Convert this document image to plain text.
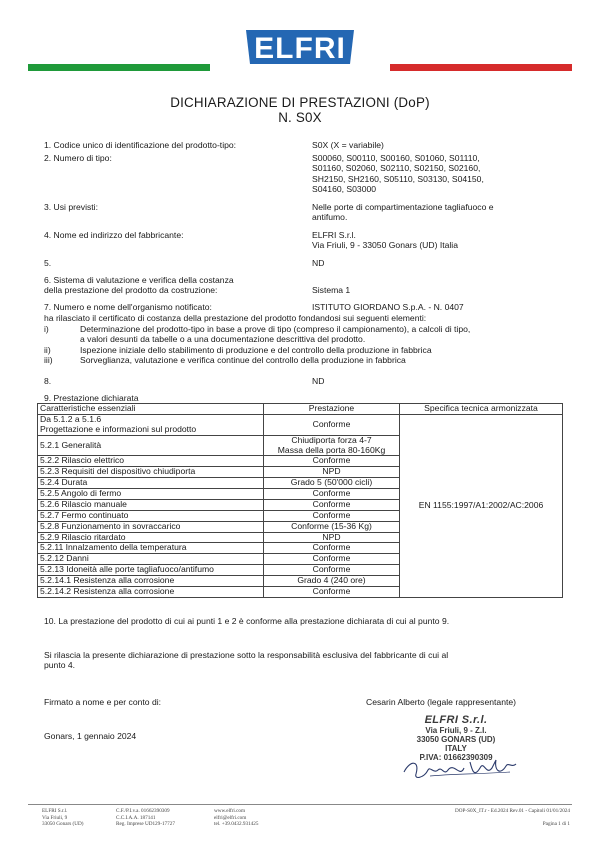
ELFRI
DICHIARAZIONE DI PRESTAZIONI (DoP)
N. S0X
1. Codice unico di identificazione del prodotto-tipo:	S0X (X = variabile)
2. Numero di tipo:	S00060, S00110, S00160, S01060, S01110,
S01160, S02060, S02110, S02150, S02160,
SH2150, SH2160, S05110, S03130, S04150,
S04160, S03000
3. Usi previsti:	Nelle porte di compartimentazione tagliafuoco e
antifumo.
4. Nome ed indirizzo del fabbricante:	ELFRI S.r.l.
Via Friuli, 9 - 33050 Gonars (UD) Italia
5.	ND
6. Sistema di valutazione e verifica della costanza
della prestazione del prodotto da costruzione:	Sistema 1
7. Numero e nome dell'organismo notificato:	ISTITUTO GIORDANO S.p.A. - N. 0407
ha rilasciato il certificato di costanza della prestazione del prodotto fondandosi sui seguenti elementi:
i)	Determinazione del prodotto-tipo in base a prove di tipo (compreso il campionamento), a calcoli di tipo,
a valori desunti da tabelle o a una documentazione descrittiva del prodotto.
ii)	Ispezione iniziale dello stabilimento di produzione e del controllo della produzione in fabbrica
iii)	Sorveglianza, valutazione e verifica continue del controllo della produzione in fabbrica
8.	ND
9. Prestazione dichiarata
Caratteristiche essenziali	Prestazione	Specifica tecnica armonizzata
Da 5.1.2 a 5.1.6
Progettazione e informazioni sul prodotto	Conforme	EN 1155:1997/A1:2002/AC:2006
5.2.1 Generalità	Chiudiporta forza 4-7
Massa della porta 80-160Kg	
5.2.2 Rilascio elettrico	Conforme	
5.2.3 Requisiti del dispositivo chiudiporta	NPD	
5.2.4 Durata	Grado 5 (50'000 cicli)	
5.2.5 Angolo di fermo	Conforme	
5.2.6 Rilascio manuale	Conforme	
5.2.7 Fermo continuato	Conforme	
5.2.8 Funzionamento in sovraccarico	Conforme (15-36 Kg)	
5.2.9 Rilascio ritardato	NPD	
5.2.11 Innalzamento della temperatura	Conforme	
5.2.12 Danni	Conforme	
5.2.13 Idoneità alle porte tagliafuoco/antifumo	Conforme	
5.2.14.1 Resistenza alla corrosione	Grado 4 (240 ore)	
5.2.14.2 Resistenza alla corrosione	Conforme	
10. La prestazione del prodotto di cui ai punti 1 e 2 è conforme alla prestazione dichiarata di cui al punto 9.
Si rilascia la presente dichiarazione di prestazione sotto la responsabilità esclusiva del fabbricante di cui al
punto 4.
Firmato a nome e per conto di:	Cesarin Alberto (legale rappresentante)
Gonars, 1 gennaio 2024
ELFRI S.r.l.
Via Friuli, 9 - Z.I.
33050 GONARS (UD)
ITALY
P.IVA: 01662390309
ELFRI S.r.l.
Via Friuli, 9
33050 Gonars (UD)
C.F./P.I.v.a. 01662390309
C.C.I.A.A. 187141
Reg. Imprese UD129-17727
www.elfri.com
elfri@elfri.com
tel. +39.0432.931425
DOP-S0X_IT.r - Ed.2024 Rev.01 - Capitoli 01/01/2024

Pagina 1 di 1
